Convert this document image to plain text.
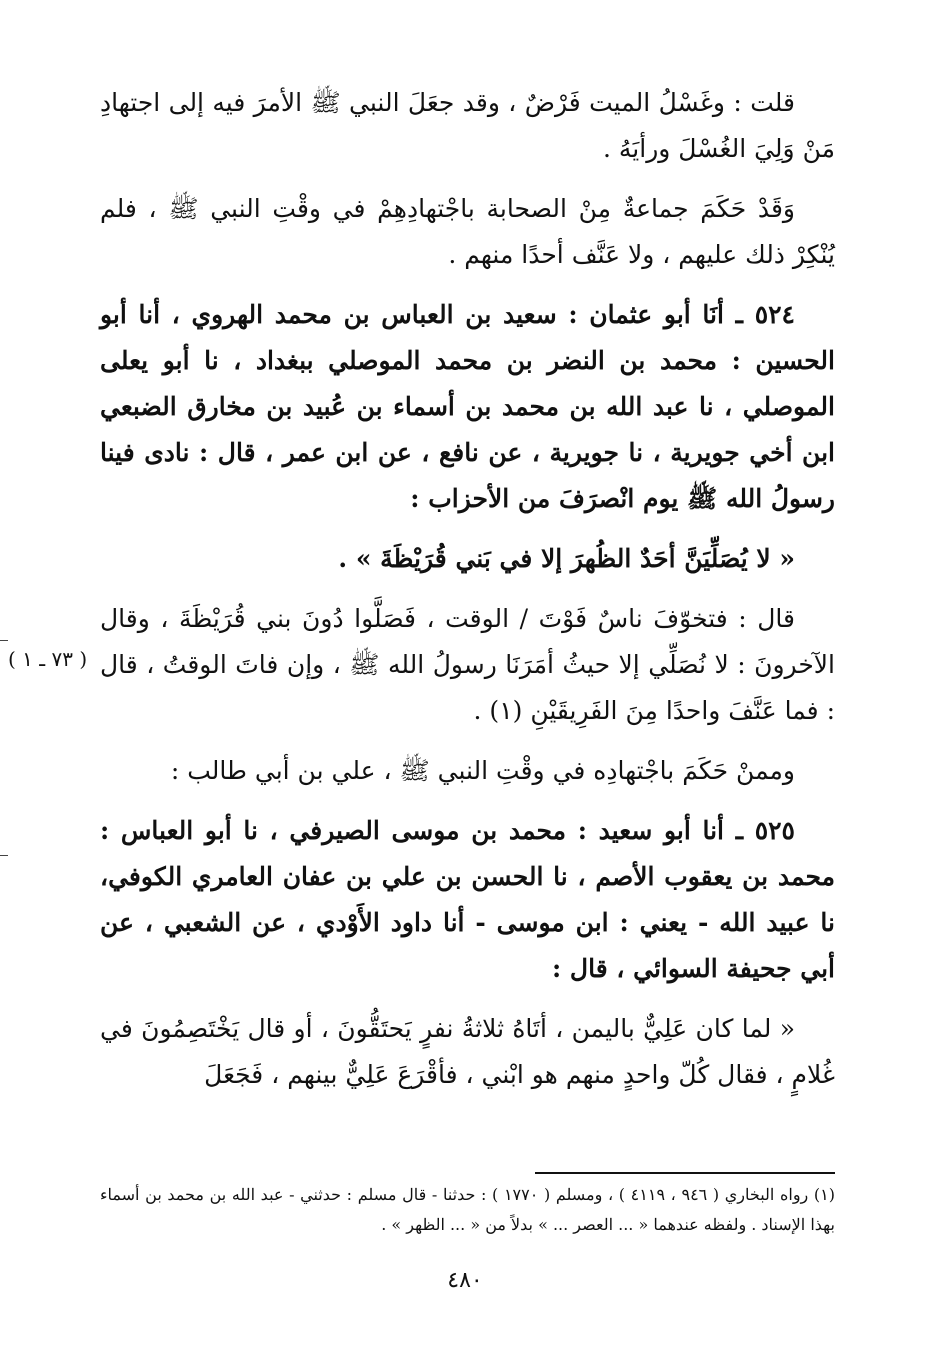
قلت : وغَسْلُ الميت فَرْضٌ ، وقد جعَلَ النبي ﷺ الأمرَ فيه إلى اجتهادِ مَنْ وَلِيَ الغُسْلَ ورأيَهُ .

وَقَدْ حَكَمَ جماعةٌ مِنْ الصحابة باجْتهادِهِمْ في وقْتِ النبي ﷺ ، فلم يُنْكِرْ ذلك عليهم ، ولا عَنَّف أحدًا منهم .

٥٢٤ ـ أنَا أبو عثمان : سعيد بن العباس بن محمد الهروي ، أنا أبو الحسين : محمد بن النضر بن محمد الموصلي ببغداد ، نا أبو يعلى الموصلي ، نا عبد الله بن محمد بن أسماء بن عُبيد بن مخارق الضبعي ابن أخي جويرية ، نا جويرية ، عن نافع ، عن ابن عمر ، قال : نادى فينا رسولُ الله ﷺ يوم انْصرَفَ من الأحزاب :

« لا يُصَلِّيَنَّ أحَدٌ الظُهرَ إلا في بَني قُرَيْظَةَ » .

قال : فتخوّفَ ناسٌ فَوْتَ / الوقت ، فَصَلَّوا دُونَ بني قُرَيْظَةَ ، وقال الآخرونَ : لا نُصَلِّي إلا حيثُ أمَرَنَا رسولُ الله ﷺ ، وإن فاتَ الوقتُ ، قال : فما عَنَّفَ واحدًا مِنَ الفَرِيقَيْنِ (١) .

وممنْ حَكَمَ باجْتهادِه في وقْتِ النبي ﷺ ، علي بن أبي طالب :

٥٢٥ ـ أنا أبو سعيد : محمد بن موسى الصيرفي ، نا أبو العباس : محمد بن يعقوب الأصم ، نا الحسن بن علي بن عفان العامري الكوفي، نا عبيد الله - يعني : ابن موسى - أنا داود الأَوْدي ، عن الشعبي ، عن أبي جحيفة السوائي ، قال :

« لما كان عَلِيٌّ باليمن ، أتَاهُ ثلاثةُ نفرٍ يَحتَقُّونَ ، أو قال يَخْتَصِمُونَ في غُلامٍ ، فقال كُلّ واحدٍ منهم هو ابْني ، فأقْرَعَ عَلِيٌّ بينهم ، فَجَعَلَ

( ٧٣ ـ ١ )

(١) رواه البخاري ( ٩٤٦ ، ٤١١٩ ) ، ومسلم ( ١٧٧٠ ) : حدثنا - قال مسلم : حدثني - عبد الله بن محمد بن أسماء بهذا الإسناد . ولفظه عندهما « ... العصر ... » بدلاً من « ... الظهر » .

٤٨٠
